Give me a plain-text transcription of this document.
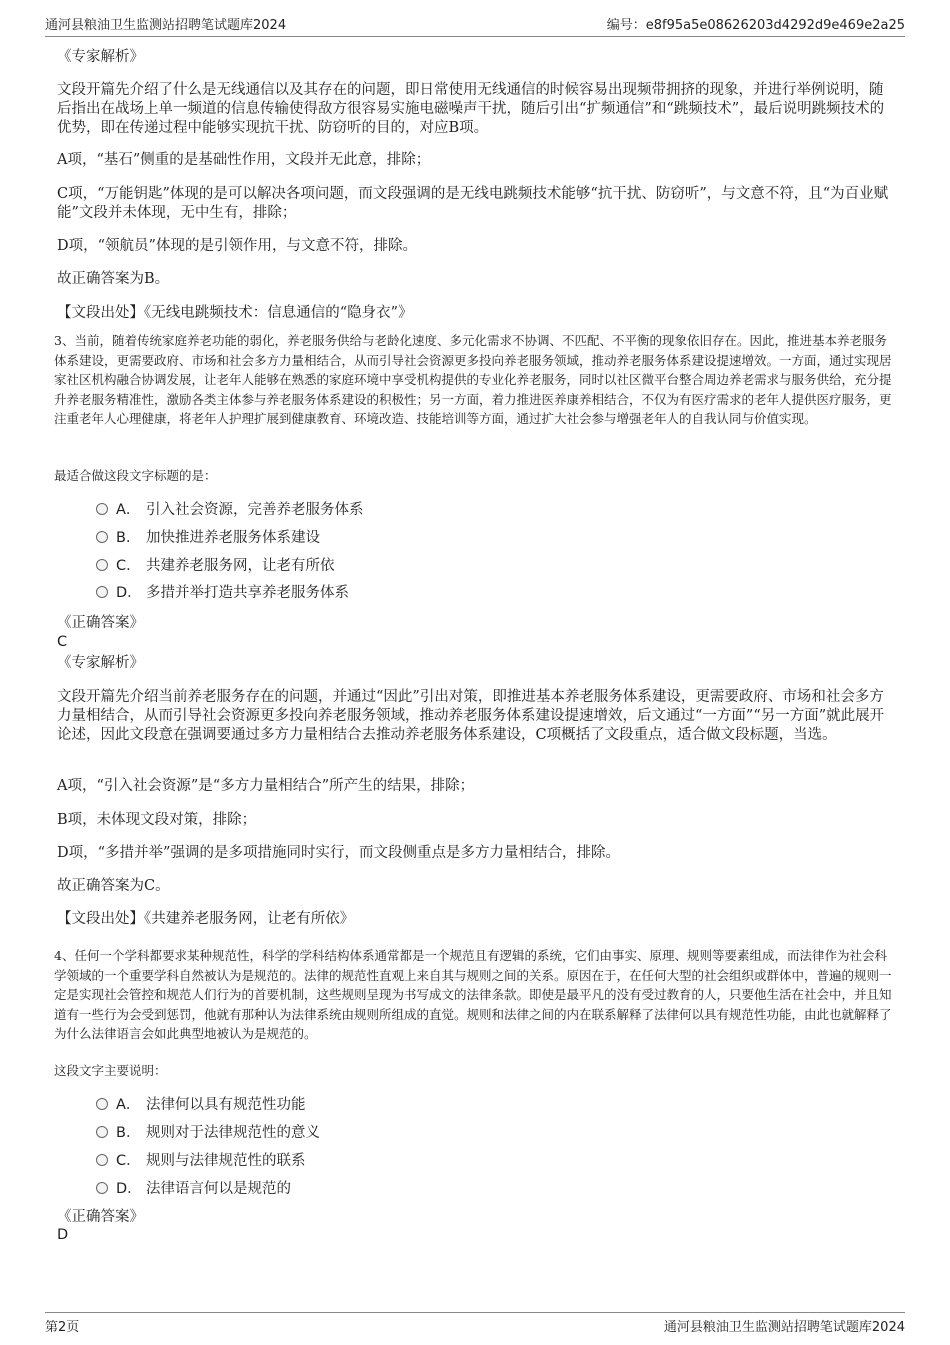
通河县粮油卫生监测站招聘笔试题库2024	编号：e8f95a5e08626203d4292d9e469e2a25
《专家解析》
文段开篇先介绍了什么是无线通信以及其存在的问题，即日常使用无线通信的时候容易出现频带拥挤的现象，并进行举例说明，随后指出在战场上单一频道的信息传输使得敌方很容易实施电磁噪声干扰，随后引出“扩频通信”和“跳频技术”，最后说明跳频技术的优势，即在传递过程中能够实现抗干扰、防窃听的目的，对应B项。
A项，“基石”侧重的是基础性作用，文段并无此意，排除；
C项，“万能钥匙”体现的是可以解决各项问题，而文段强调的是无线电跳频技术能够“抗干扰、防窃听”，与文意不符，且“为百业赋能”文段并未体现，无中生有，排除；
D项，“领航员”体现的是引领作用，与文意不符，排除。
故正确答案为B。
【文段出处】《无线电跳频技术：信息通信的“隐身衣”》
3、当前，随着传统家庭养老功能的弱化，养老服务供给与老龄化速度、多元化需求不协调、不匹配、不平衡的现象依旧存在。因此，推进基本养老服务体系建设，更需要政府、市场和社会多方力量相结合，从而引导社会资源更多投向养老服务领域，推动养老服务体系建设提速增效。一方面，通过实现居家社区机构融合协调发展，让老年人能够在熟悉的家庭环境中享受机构提供的专业化养老服务，同时以社区微平台整合周边养老需求与服务供给，充分提升养老服务精准性，激励各类主体参与养老服务体系建设的积极性；另一方面，着力推进医养康养相结合，不仅为有医疗需求的老年人提供医疗服务，更注重老年人心理健康，将老年人护理扩展到健康教育、环境改造、技能培训等方面，通过扩大社会参与增强老年人的自我认同与价值实现。
最适合做这段文字标题的是：
A． 引入社会资源，完善养老服务体系
B． 加快推进养老服务体系建设
C． 共建养老服务网，让老有所依
D． 多措并举打造共享养老服务体系
《正确答案》
C
《专家解析》
文段开篇先介绍当前养老服务存在的问题，并通过“因此”引出对策，即推进基本养老服务体系建设，更需要政府、市场和社会多方力量相结合，从而引导社会资源更多投向养老服务领域，推动养老服务体系建设提速增效，后文通过“一方面”“另一方面”就此展开论述，因此文段意在强调要通过多方力量相结合去推动养老服务体系建设，C项概括了文段重点，适合做文段标题，当选。
A项，“引入社会资源”是“多方力量相结合”所产生的结果，排除；
B项，未体现文段对策，排除；
D项，“多措并举”强调的是多项措施同时实行，而文段侧重点是多方力量相结合，排除。
故正确答案为C。
【文段出处】《共建养老服务网，让老有所依》
4、任何一个学科都要求某种规范性，科学的学科结构体系通常都是一个规范且有逻辑的系统，它们由事实、原理、规则等要素组成，而法律作为社会科学领域的一个重要学科自然被认为是规范的。法律的规范性直观上来自其与规则之间的关系。原因在于，在任何大型的社会组织或群体中，普遍的规则一定是实现社会管控和规范人们行为的首要机制，这些规则呈现为书写成文的法律条款。即使是最平凡的没有受过教育的人，只要他生活在社会中，并且知道有一些行为会受到惩罚，他就有那种认为法律系统由规则所组成的直觉。规则和法律之间的内在联系解释了法律何以具有规范性功能，由此也就解释了为什么法律语言会如此典型地被认为是规范的。
这段文字主要说明：
A． 法律何以具有规范性功能
B． 规则对于法律规范性的意义
C． 规则与法律规范性的联系
D． 法律语言何以是规范的
《正确答案》
D
第2页	通河县粮油卫生监测站招聘笔试题库2024
